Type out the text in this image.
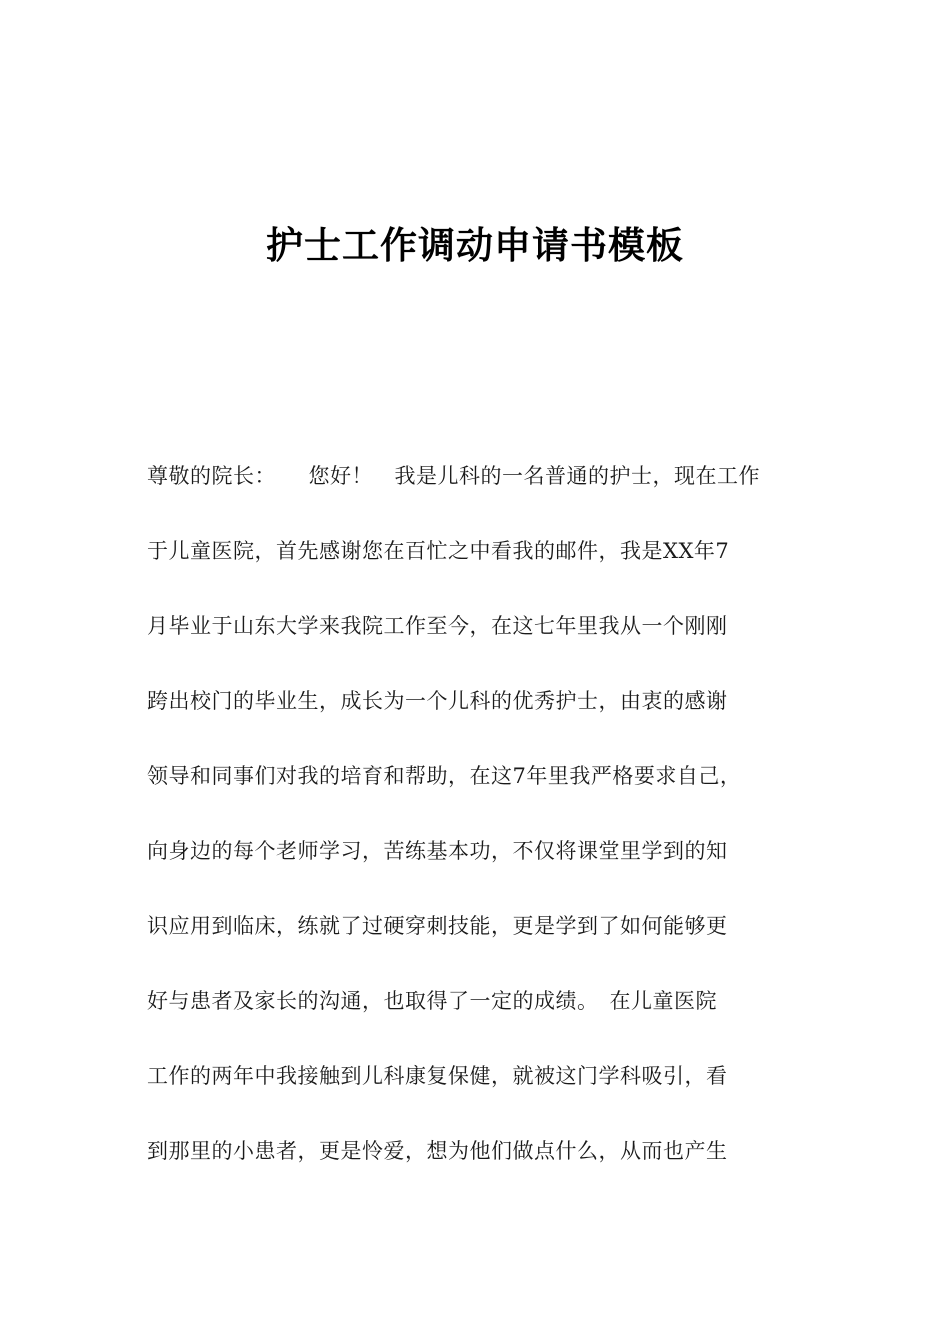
护士工作调动申请书模板
尊敬的院长：　　您好！　我是儿科的一名普通的护士，现在工作
于儿童医院，首先感谢您在百忙之中看我的邮件，我是XX年7
月毕业于山东大学来我院工作至今，在这七年里我从一个刚刚
跨出校门的毕业生，成长为一个儿科的优秀护士，由衷的感谢
领导和同事们对我的培育和帮助，在这7年里我严格要求自己，
向身边的每个老师学习，苦练基本功，不仅将课堂里学到的知
识应用到临床，练就了过硬穿刺技能，更是学到了如何能够更
好与患者及家长的沟通，也取得了一定的成绩。　在儿童医院
工作的两年中我接触到儿科康复保健，就被这门学科吸引，看
到那里的小患者，更是怜爱，想为他们做点什么，从而也产生
